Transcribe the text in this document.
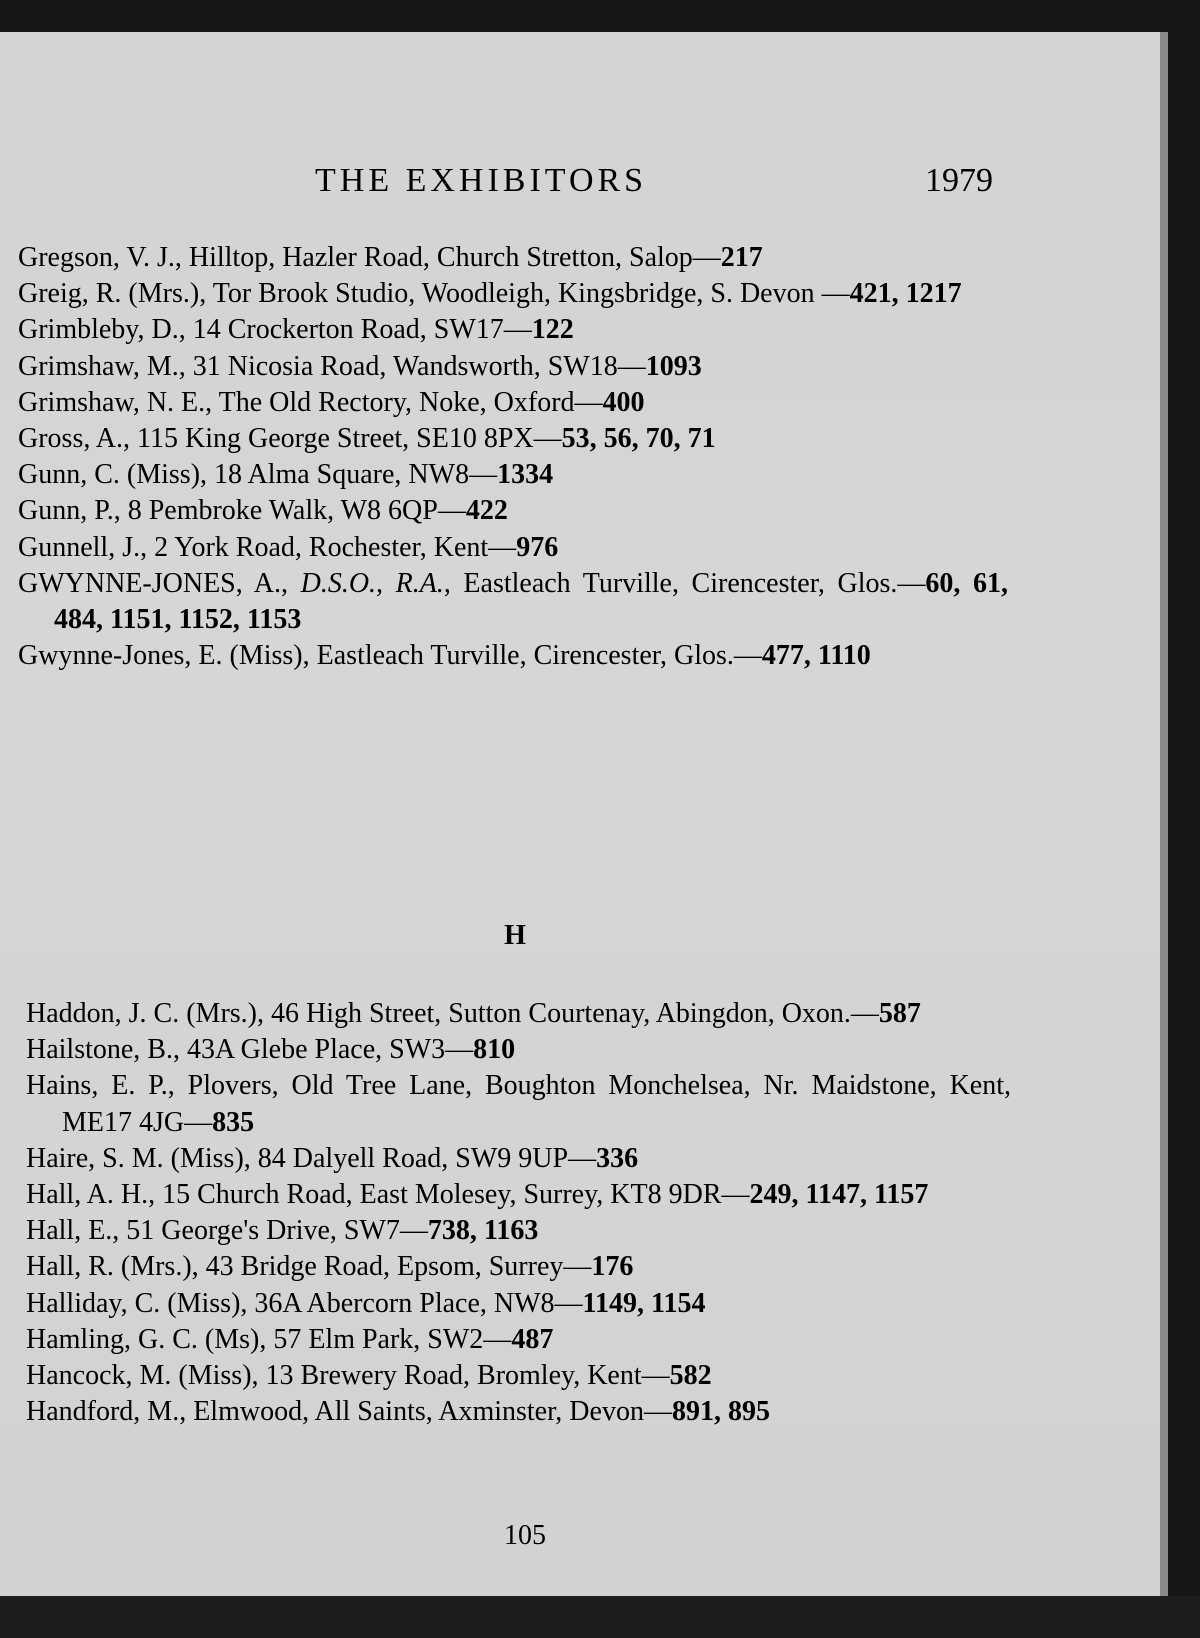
THE EXHIBITORS	1979

Gregson, V. J., Hilltop, Hazler Road, Church Stretton, Salop—217

Greig, R. (Mrs.), Tor Brook Studio, Woodleigh, Kingsbridge, S. Devon —421, 1217

Grimbleby, D., 14 Crockerton Road, SW17—122

Grimshaw, M., 31 Nicosia Road, Wandsworth, SW18—1093

Grimshaw, N. E., The Old Rectory, Noke, Oxford—400

Gross, A., 115 King George Street, SE10 8PX—53, 56, 70, 71

Gunn, C. (Miss), 18 Alma Square, NW8—1334

Gunn, P., 8 Pembroke Walk, W8 6QP—422

Gunnell, J., 2 York Road, Rochester, Kent—976

GWYNNE-JONES, A., D.S.O., R.A., Eastleach Turville, Cirencester, Glos.—60, 61, 484, 1151, 1152, 1153

Gwynne-Jones, E. (Miss), Eastleach Turville, Cirencester, Glos.—477, 1110

H

Haddon, J. C. (Mrs.), 46 High Street, Sutton Courtenay, Abingdon, Oxon.—587

Hailstone, B., 43A Glebe Place, SW3—810

Hains, E. P., Plovers, Old Tree Lane, Boughton Monchelsea, Nr. Maidstone, Kent, ME17 4JG—835

Haire, S. M. (Miss), 84 Dalyell Road, SW9 9UP—336

Hall, A. H., 15 Church Road, East Molesey, Surrey, KT8 9DR—249, 1147, 1157

Hall, E., 51 George's Drive, SW7—738, 1163

Hall, R. (Mrs.), 43 Bridge Road, Epsom, Surrey—176

Halliday, C. (Miss), 36A Abercorn Place, NW8—1149, 1154

Hamling, G. C. (Ms), 57 Elm Park, SW2—487

Hancock, M. (Miss), 13 Brewery Road, Bromley, Kent—582

Handford, M., Elmwood, All Saints, Axminster, Devon—891, 895

105
